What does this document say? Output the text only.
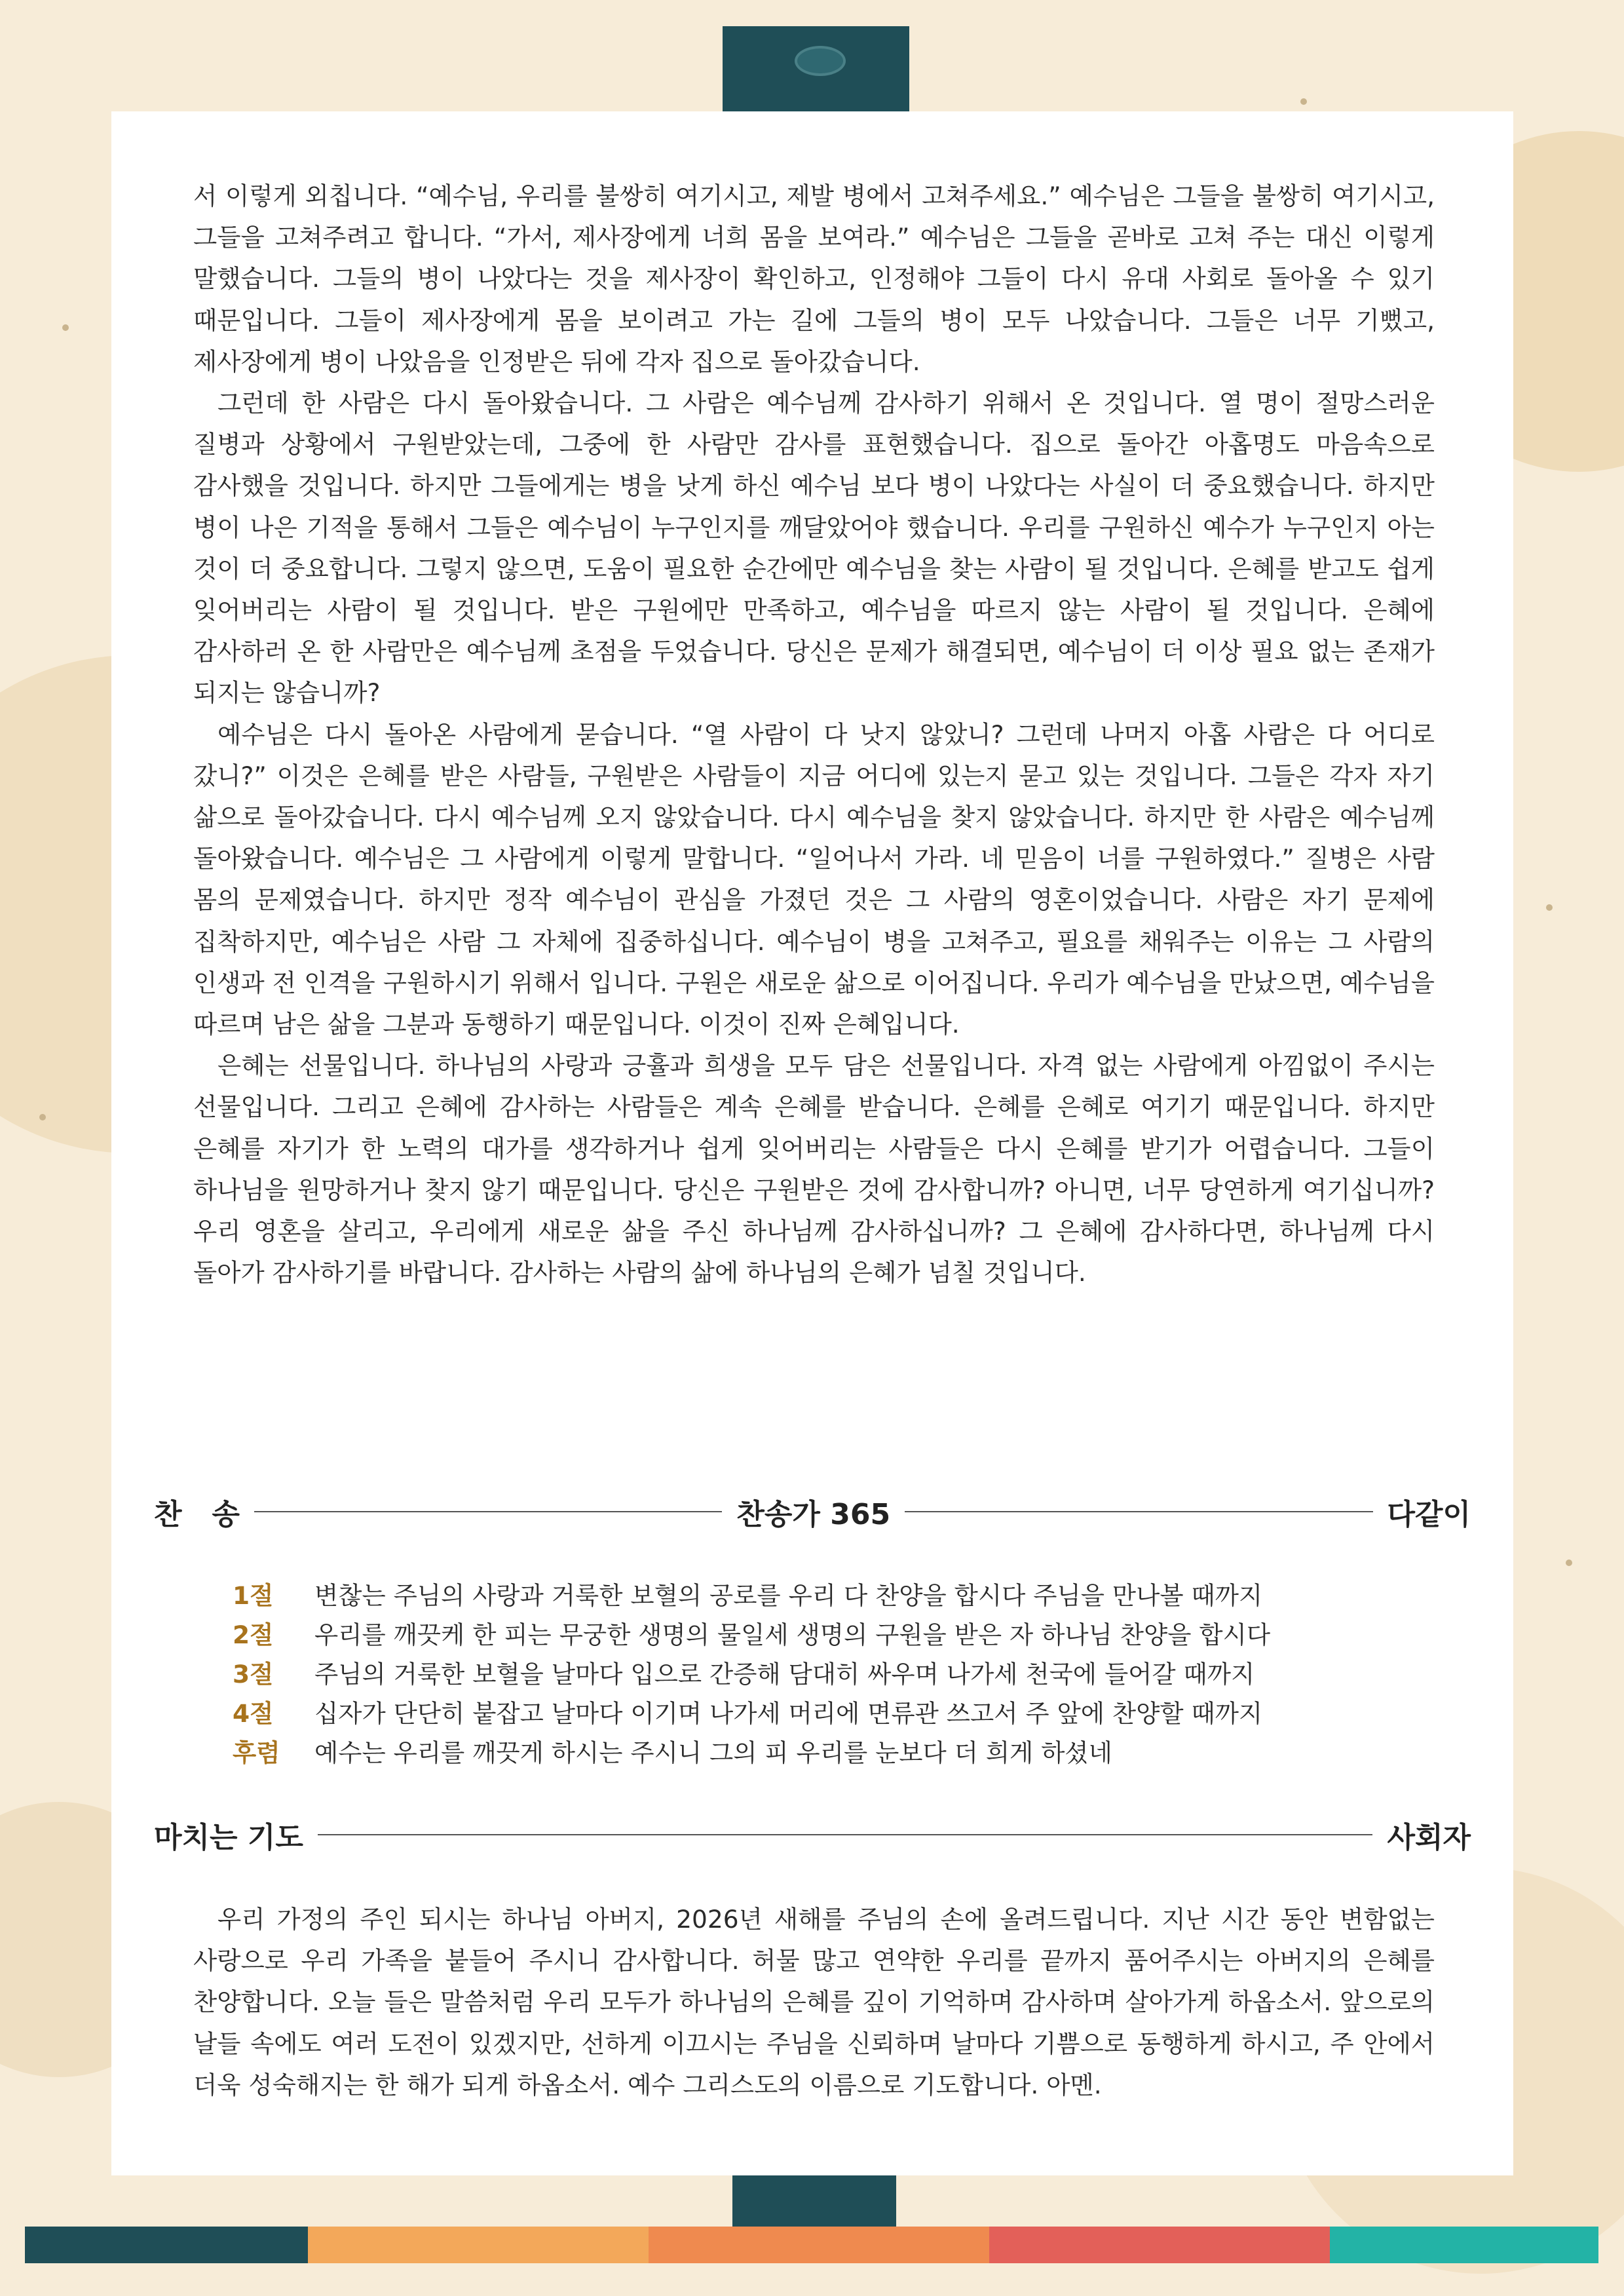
서 이렇게 외칩니다. “예수님, 우리를 불쌍히 여기시고, 제발 병에서 고쳐주세요.” 예수님은 그들을 불쌍히 여기시고, 그들을 고쳐주려고 합니다. “가서, 제사장에게 너희 몸을 보여라.” 예수님은 그들을 곧바로 고쳐 주는 대신 이렇게 말했습니다. 그들의 병이 나았다는 것을 제사장이 확인하고, 인정해야 그들이 다시 유대 사회로 돌아올 수 있기 때문입니다. 그들이 제사장에게 몸을 보이려고 가는 길에 그들의 병이 모두 나았습니다. 그들은 너무 기뻤고, 제사장에게 병이 나았음을 인정받은 뒤에 각자 집으로 돌아갔습니다.

그런데 한 사람은 다시 돌아왔습니다. 그 사람은 예수님께 감사하기 위해서 온 것입니다. 열 명이 절망스러운 질병과 상황에서 구원받았는데, 그중에 한 사람만 감사를 표현했습니다. 집으로 돌아간 아홉명도 마음속으로 감사했을 것입니다. 하지만 그들에게는 병을 낫게 하신 예수님 보다 병이 나았다는 사실이 더 중요했습니다. 하지만 병이 나은 기적을 통해서 그들은 예수님이 누구인지를 깨달았어야 했습니다. 우리를 구원하신 예수가 누구인지 아는 것이 더 중요합니다. 그렇지 않으면, 도움이 필요한 순간에만 예수님을 찾는 사람이 될 것입니다. 은혜를 받고도 쉽게 잊어버리는 사람이 될 것입니다. 받은 구원에만 만족하고, 예수님을 따르지 않는 사람이 될 것입니다. 은혜에 감사하러 온 한 사람만은 예수님께 초점을 두었습니다. 당신은 문제가 해결되면, 예수님이 더 이상 필요 없는 존재가 되지는 않습니까?

예수님은 다시 돌아온 사람에게 묻습니다. “열 사람이 다 낫지 않았니? 그런데 나머지 아홉 사람은 다 어디로 갔니?” 이것은 은혜를 받은 사람들, 구원받은 사람들이 지금 어디에 있는지 묻고 있는 것입니다. 그들은 각자 자기 삶으로 돌아갔습니다. 다시 예수님께 오지 않았습니다. 다시 예수님을 찾지 않았습니다. 하지만 한 사람은 예수님께 돌아왔습니다. 예수님은 그 사람에게 이렇게 말합니다. “일어나서 가라. 네 믿음이 너를 구원하였다.” 질병은 사람 몸의 문제였습니다. 하지만 정작 예수님이 관심을 가졌던 것은 그 사람의 영혼이었습니다. 사람은 자기 문제에 집착하지만, 예수님은 사람 그 자체에 집중하십니다. 예수님이 병을 고쳐주고, 필요를 채워주는 이유는 그 사람의 인생과 전 인격을 구원하시기 위해서 입니다. 구원은 새로운 삶으로 이어집니다. 우리가 예수님을 만났으면, 예수님을 따르며 남은 삶을 그분과 동행하기 때문입니다. 이것이 진짜 은혜입니다.

은혜는 선물입니다. 하나님의 사랑과 긍휼과 희생을 모두 담은 선물입니다. 자격 없는 사람에게 아낌없이 주시는 선물입니다. 그리고 은혜에 감사하는 사람들은 계속 은혜를 받습니다. 은혜를 은혜로 여기기 때문입니다. 하지만 은혜를 자기가 한 노력의 대가를 생각하거나 쉽게 잊어버리는 사람들은 다시 은혜를 받기가 어렵습니다. 그들이 하나님을 원망하거나 찾지 않기 때문입니다. 당신은 구원받은 것에 감사합니까? 아니면, 너무 당연하게 여기십니까? 우리 영혼을 살리고, 우리에게 새로운 삶을 주신 하나님께 감사하십니까? 그 은혜에 감사하다면, 하나님께 다시 돌아가 감사하기를 바랍니다. 감사하는 사람의 삶에 하나님의 은혜가 넘칠 것입니다.

찬   송	찬송가 365	다같이
1절	변찮는 주님의 사랑과 거룩한 보혈의 공로를 우리 다 찬양을 합시다 주님을 만나볼 때까지
2절	우리를 깨끗케 한 피는 무궁한 생명의 물일세 생명의 구원을 받은 자 하나님 찬양을 합시다
3절	주님의 거룩한 보혈을 날마다 입으로 간증해 담대히 싸우며 나가세 천국에 들어갈 때까지
4절	십자가 단단히 붙잡고 날마다 이기며 나가세 머리에 면류관 쓰고서 주 앞에 찬양할 때까지
후렴	예수는 우리를 깨끗게 하시는 주시니 그의 피 우리를 눈보다 더 희게 하셨네
마치는 기도	사회자

우리 가정의 주인 되시는 하나님 아버지, 2026년 새해를 주님의 손에 올려드립니다. 지난 시간 동안 변함없는 사랑으로 우리 가족을 붙들어 주시니 감사합니다. 허물 많고 연약한 우리를 끝까지 품어주시는 아버지의 은혜를 찬양합니다. 오늘 들은 말씀처럼 우리 모두가 하나님의 은혜를 깊이 기억하며 감사하며 살아가게 하옵소서. 앞으로의 날들 속에도 여러 도전이 있겠지만, 선하게 이끄시는 주님을 신뢰하며 날마다 기쁨으로 동행하게 하시고, 주 안에서 더욱 성숙해지는 한 해가 되게 하옵소서. 예수 그리스도의 이름으로 기도합니다. 아멘.
